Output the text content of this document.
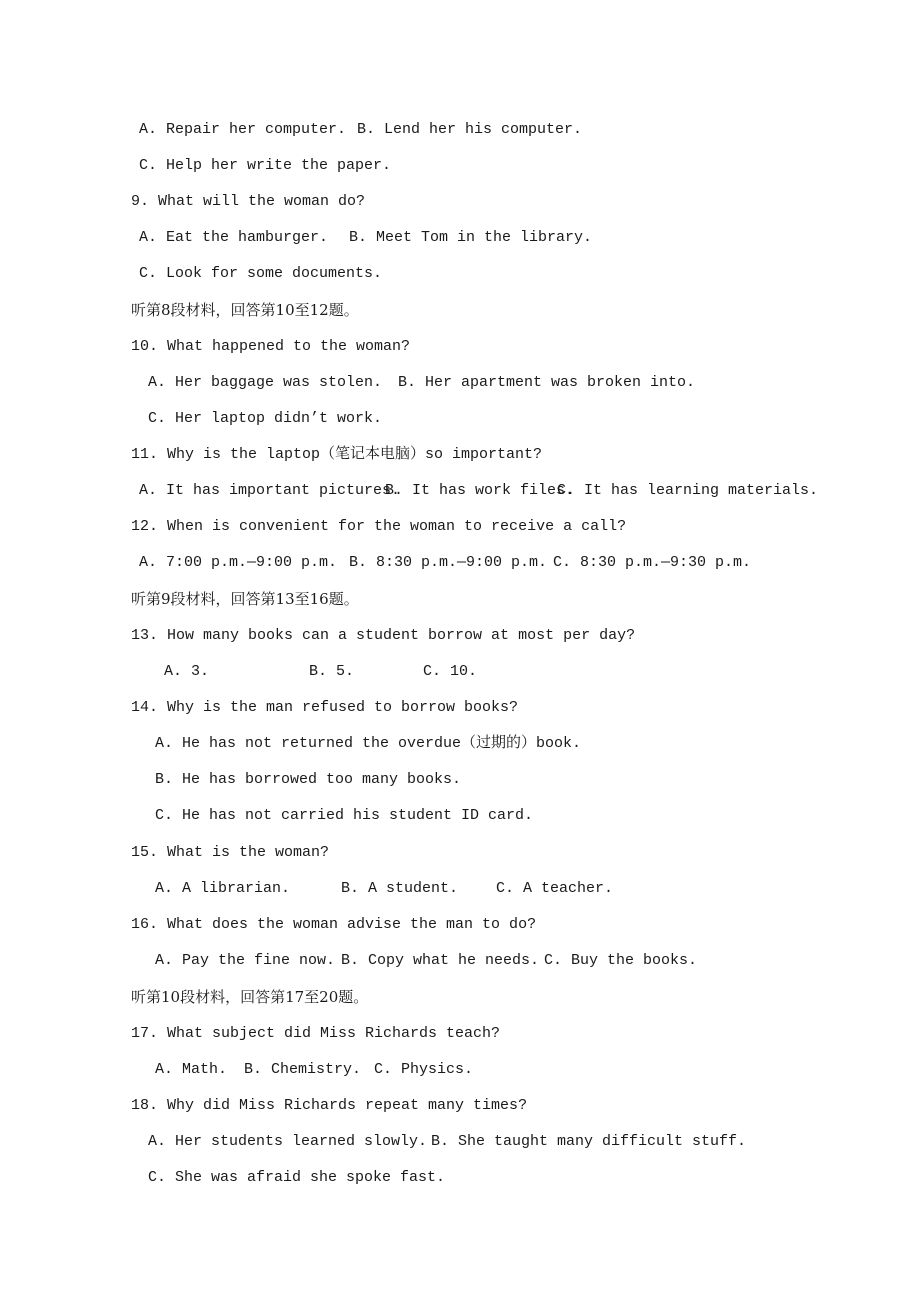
A. Repair her computer. B. Lend her his computer.
C. Help her write the paper.
9. What will the woman do?
A. Eat the hamburger. B. Meet Tom in the library.
C. Look for some documents.
听第8段材料，回答第10至12题。
10. What happened to the woman?
A. Her baggage was stolen. B. Her apartment was broken into.
C. Her laptop didn’t work.
11. Why is the laptop（笔记本电脑）so important?
A. It has important pictures.
B. It has work files.
C. It has learning materials.
12. When is convenient for the woman to receive a call?
A. 7:00 p.m.—9:00 p.m. B. 8:30 p.m.—9:00 p.m. C. 8:30 p.m.—9:30 p.m.
听第9段材料，回答第13至16题。
13. How many books can a student borrow at most per day?
A. 3.	B. 5.	C. 10.
14. Why is the man refused to borrow books?
A. He has not returned the overdue（过期的）book.
B. He has borrowed too many books.
C. He has not carried his student ID card.
15. What is the woman?
A. A librarian.	B. A student.	C. A teacher.
16. What does the woman advise the man to do?
A. Pay the fine now. B. Copy what he needs. C. Buy the books.
听第10段材料，回答第17至20题。
17. What subject did Miss Richards teach?
A. Math. B. Chemistry. C. Physics.
18. Why did Miss Richards repeat many times?
A. Her students learned slowly. B. She taught many difficult stuff.
C. She was afraid she spoke fast.
